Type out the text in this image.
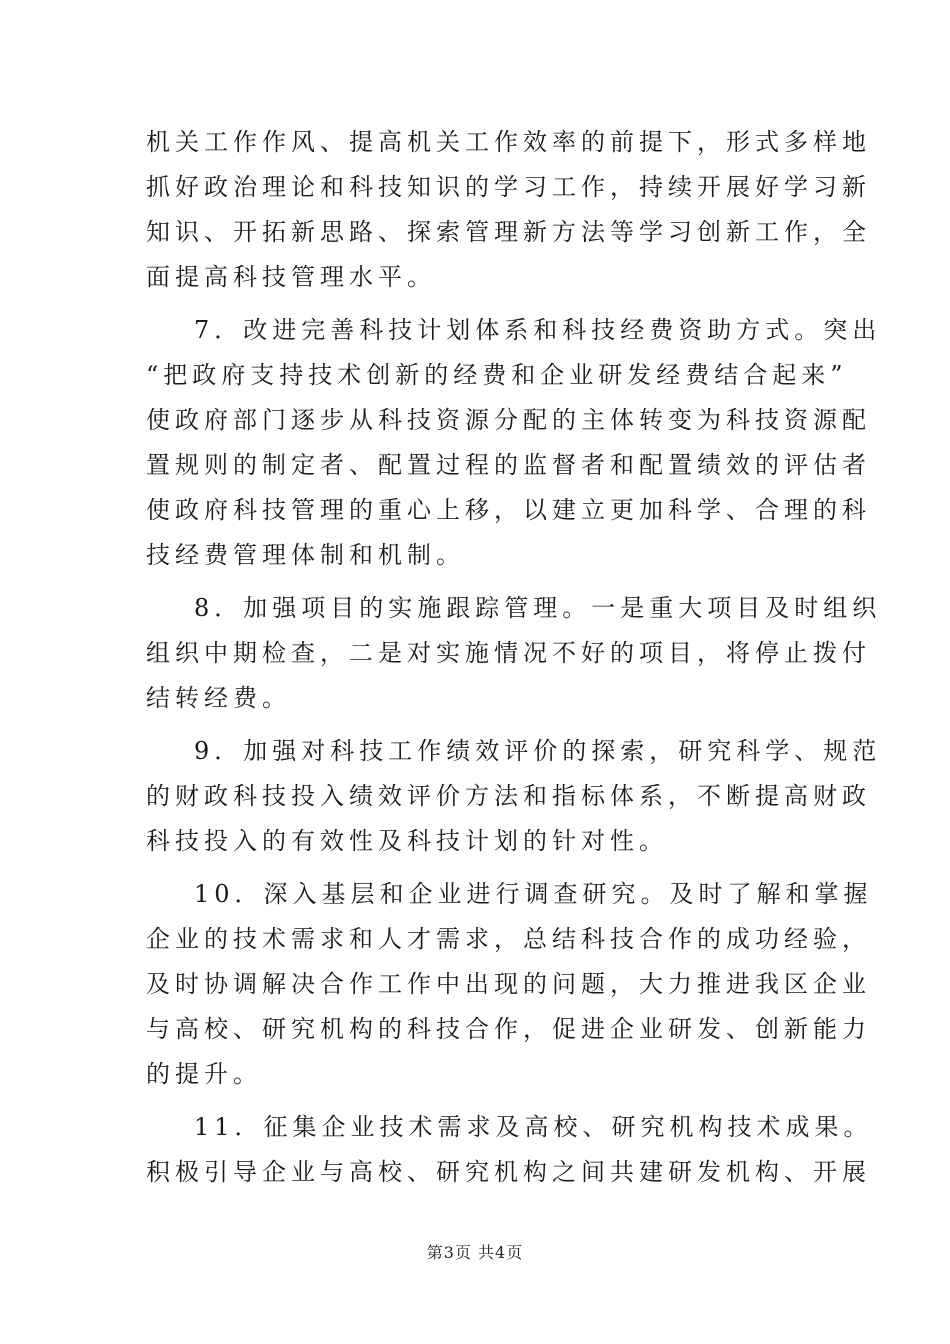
机关工作作风、提高机关工作效率的前提下，形式多样地
抓好政治理论和科技知识的学习工作，持续开展好学习新
知识、开拓新思路、探索管理新方法等学习创新工作，全
面提高科技管理水平。
7．改进完善科技计划体系和科技经费资助方式。突出
“把政府支持技术创新的经费和企业研发经费结合起来”
使政府部门逐步从科技资源分配的主体转变为科技资源配
置规则的制定者、配置过程的监督者和配置绩效的评估者
使政府科技管理的重心上移，以建立更加科学、合理的科
技经费管理体制和机制。
8．加强项目的实施跟踪管理。一是重大项目及时组织
组织中期检查，二是对实施情况不好的项目，将停止拨付
结转经费。
9．加强对科技工作绩效评价的探索，研究科学、规范
的财政科技投入绩效评价方法和指标体系，不断提高财政
科技投入的有效性及科技计划的针对性。
10．深入基层和企业进行调查研究。及时了解和掌握
企业的技术需求和人才需求，总结科技合作的成功经验，
及时协调解决合作工作中出现的问题，大力推进我区企业
与高校、研究机构的科技合作，促进企业研发、创新能力
的提升。
11．征集企业技术需求及高校、研究机构技术成果。
积极引导企业与高校、研究机构之间共建研发机构、开展
第3页 共4页
